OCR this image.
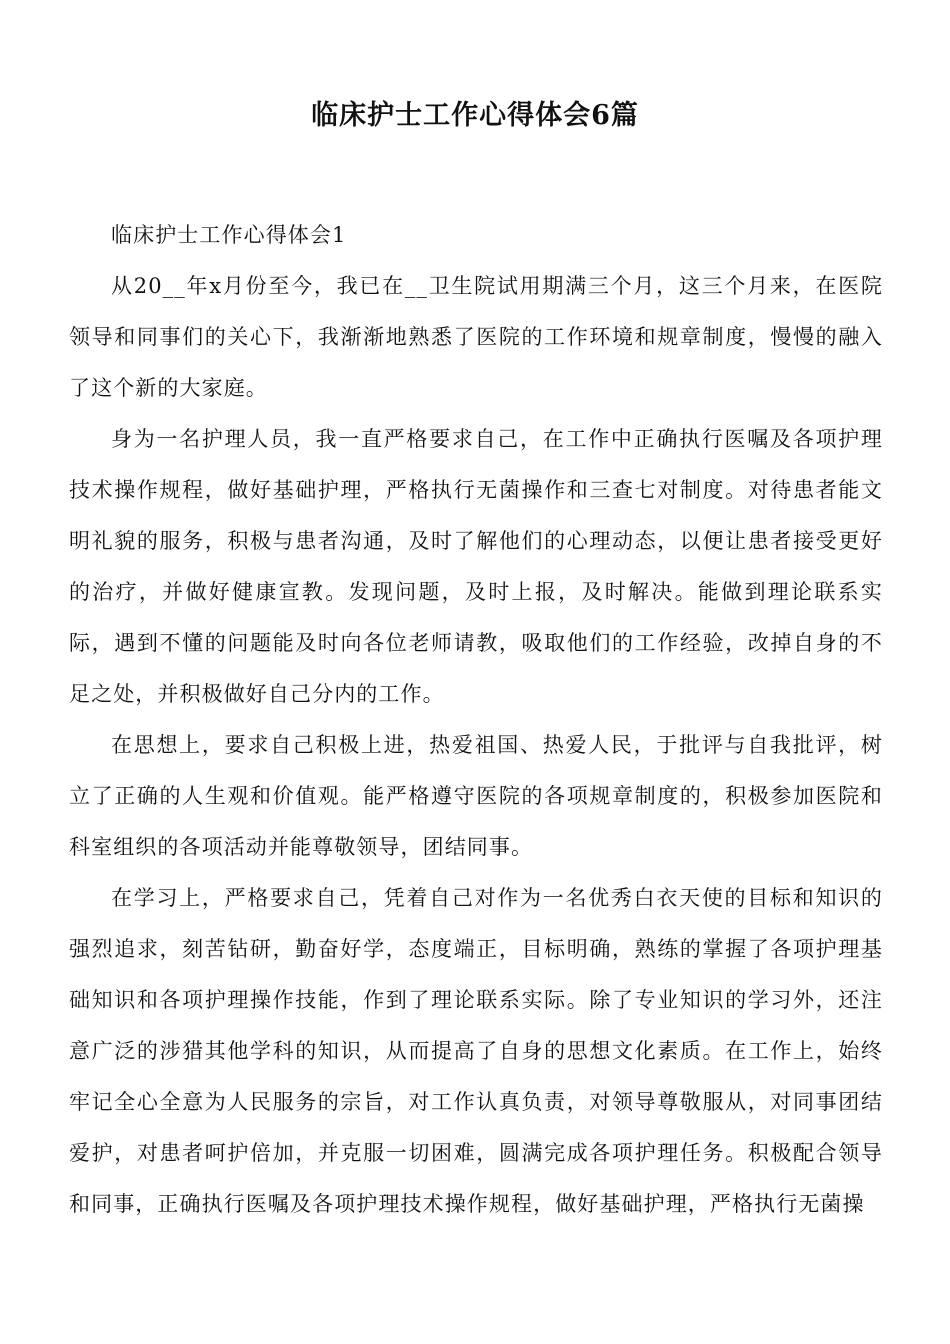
临床护士工作心得体会6篇

临床护士工作心得体会1

从20__年x月份至今，我已在__卫生院试用期满三个月，这三个月来，在医院领导和同事们的关心下，我渐渐地熟悉了医院的工作环境和规章制度，慢慢的融入了这个新的大家庭。

身为一名护理人员，我一直严格要求自己，在工作中正确执行医嘱及各项护理技术操作规程，做好基础护理，严格执行无菌操作和三查七对制度。对待患者能文明礼貌的服务，积极与患者沟通，及时了解他们的心理动态，以便让患者接受更好的治疗，并做好健康宣教。发现问题，及时上报，及时解决。能做到理论联系实际，遇到不懂的问题能及时向各位老师请教，吸取他们的工作经验，改掉自身的不足之处，并积极做好自己分内的工作。

在思想上，要求自己积极上进，热爱祖国、热爱人民，于批评与自我批评，树立了正确的人生观和价值观。能严格遵守医院的各项规章制度的，积极参加医院和科室组织的各项活动并能尊敬领导，团结同事。

在学习上，严格要求自己，凭着自己对作为一名优秀白衣天使的目标和知识的强烈追求，刻苦钻研，勤奋好学，态度端正，目标明确，熟练的掌握了各项护理基础知识和各项护理操作技能，作到了理论联系实际。除了专业知识的学习外，还注意广泛的涉猎其他学科的知识，从而提高了自身的思想文化素质。在工作上，始终牢记全心全意为人民服务的宗旨，对工作认真负责，对领导尊敬服从，对同事团结爱护，对患者呵护倍加，并克服一切困难，圆满完成各项护理任务。积极配合领导和同事，正确执行医嘱及各项护理技术操作规程，做好基础护理，严格执行无菌操
